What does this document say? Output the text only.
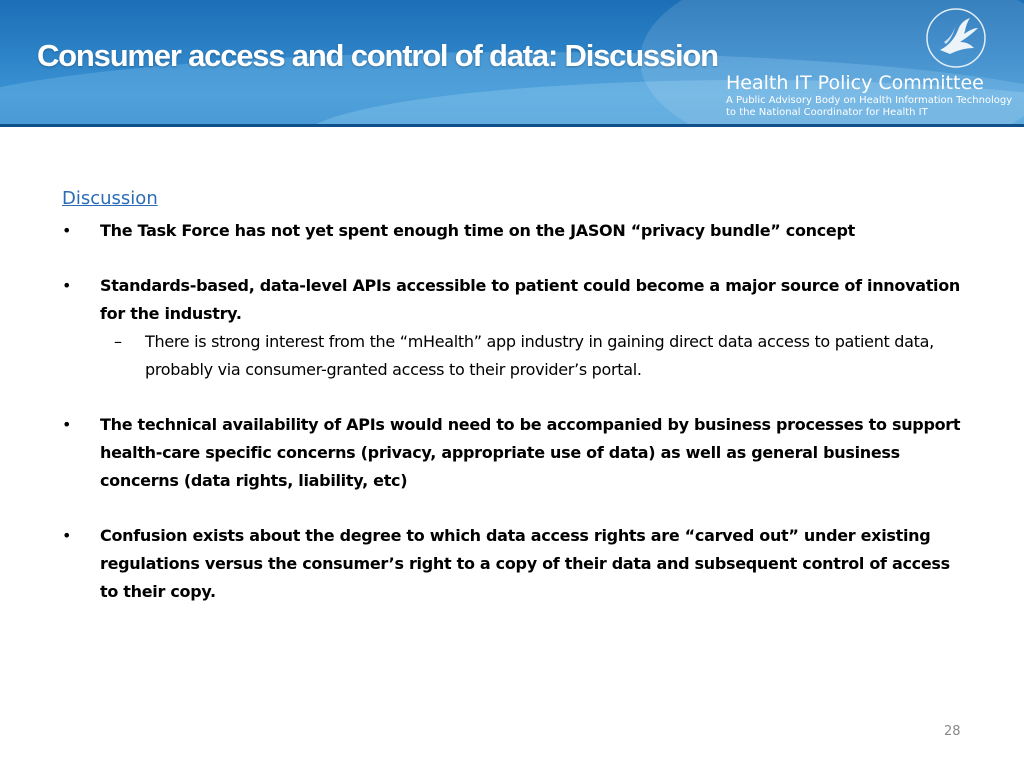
Consumer access and control of data: Discussion
Health IT Policy Committee
A Public Advisory Body on Health Information Technology
to the National Coordinator for Health IT
Discussion
• The Task Force has not yet spent enough time on the JASON “privacy bundle” concept
• Standards-based, data-level APIs accessible to patient could become a major source of innovation for the industry.
– There is strong interest from the “mHealth” app industry in gaining direct data access to patient data, probably via consumer-granted access to their provider’s portal.
• The technical availability of APIs would need to be accompanied by business processes to support health-care specific concerns (privacy, appropriate use of data) as well as general business concerns (data rights, liability, etc)
• Confusion exists about the degree to which data access rights are “carved out” under existing regulations versus the consumer’s right to a copy of their data and subsequent control of access to their copy.
28
